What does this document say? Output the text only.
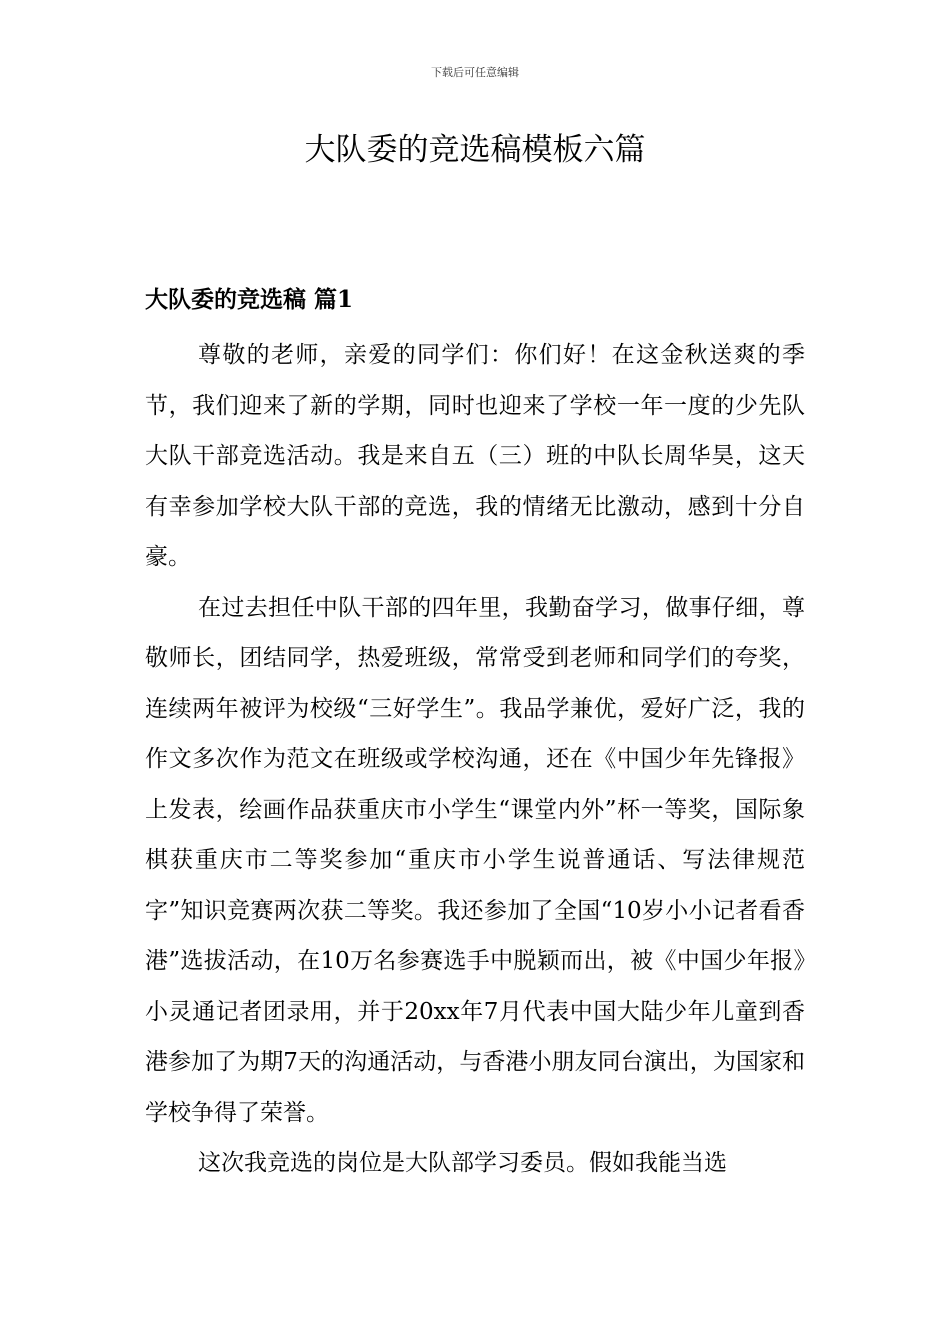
下载后可任意编辑
大队委的竞选稿模板六篇
大队委的竞选稿 篇1

尊敬的老师，亲爱的同学们：你们好！在这金秋送爽的季节，我们迎来了新的学期，同时也迎来了学校一年一度的少先队大队干部竞选活动。我是来自五（三）班的中队长周华昊，这天有幸参加学校大队干部的竞选，我的情绪无比激动，感到十分自豪。

在过去担任中队干部的四年里，我勤奋学习，做事仔细，尊敬师长，团结同学，热爱班级，常常受到老师和同学们的夸奖，连续两年被评为校级“三好学生”。我品学兼优，爱好广泛，我的作文多次作为范文在班级或学校沟通，还在《中国少年先锋报》上发表，绘画作品获重庆市小学生“课堂内外”杯一等奖，国际象棋获重庆市二等奖参加“重庆市小学生说普通话、写法律规范字”知识竞赛两次获二等奖。我还参加了全国“10岁小小记者看香港”选拔活动，在10万名参赛选手中脱颖而出，被《中国少年报》小灵通记者团录用，并于20xx年7月代表中国大陆少年儿童到香港参加了为期7天的沟通活动，与香港小朋友同台演出，为国家和学校争得了荣誉。

这次我竞选的岗位是大队部学习委员。假如我能当选
